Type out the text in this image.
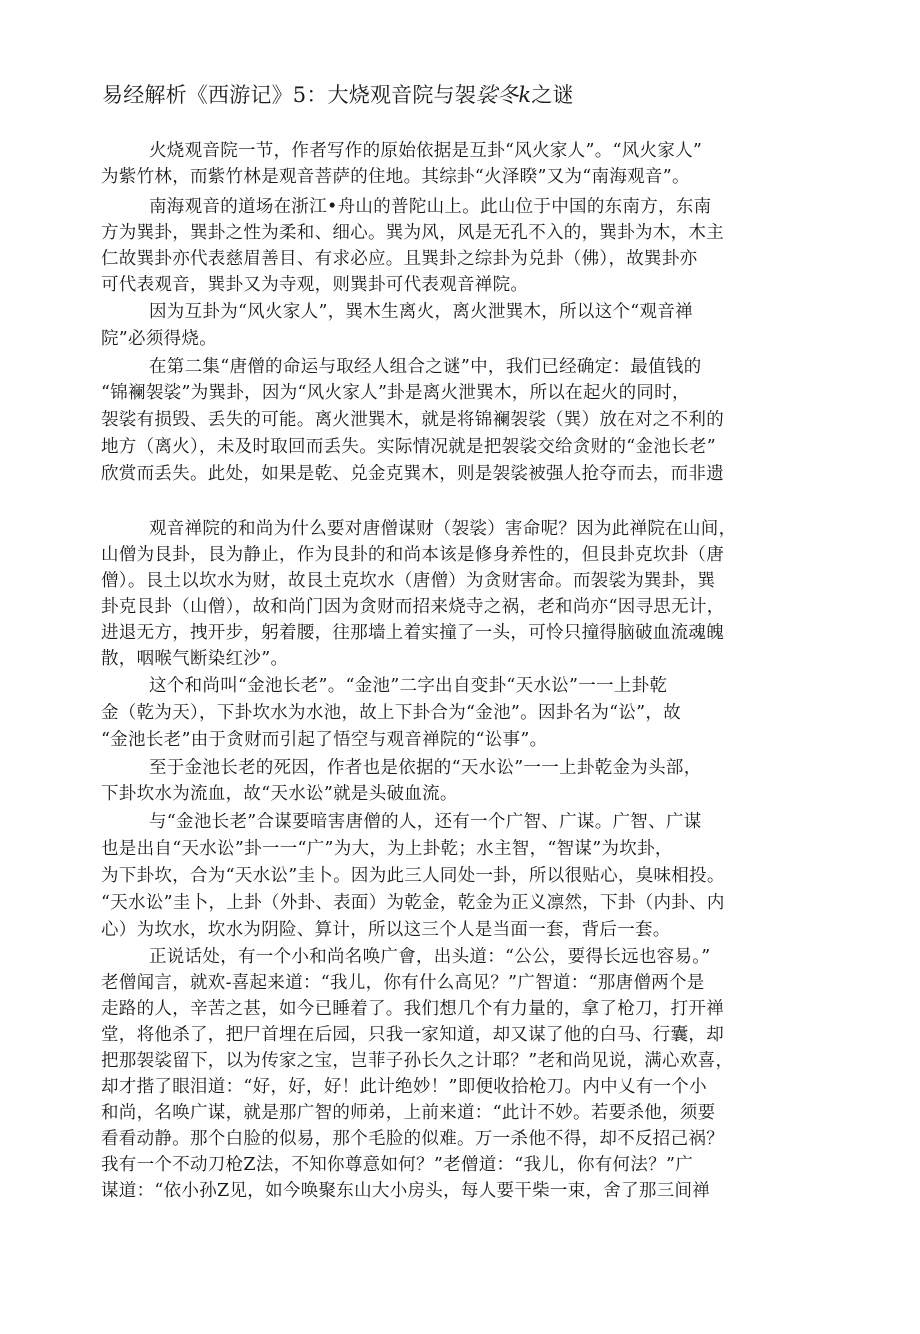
易经解析《西游记》5：大烧观音院与袈裟冬k之谜
火烧观音院一节，作者写作的原始依据是互卦“风火家人”。“风火家人”
为紫竹林，而紫竹林是观音菩萨的住地。其综卦“火泽睽”又为“南海观音”。
南海观音的道场在浙江•舟山的普陀山上。此山位于中国的东南方，东南
方为巽卦，巽卦之性为柔和、细心。巽为风，风是无孔不入的，巽卦为木，木主
仁故巽卦亦代表慈眉善目、有求必应。且巽卦之综卦为兑卦（佛），故巽卦亦
可代表观音，巽卦又为寺观，则巽卦可代表观音禅院。
因为互卦为“风火家人”，巽木生离火，离火泄巽木，所以这个“观音禅
院”必须得烧。
在第二集“唐僧的命运与取经人组合之谜”中，我们已经确定：最值钱的
“锦襕袈裟”为巽卦，因为“风火家人”卦是离火泄巽木，所以在起火的同时，
袈裟有损毁、丢失的可能。离火泄巽木，就是将锦襕袈裟（巽）放在对之不利的
地方（离火），未及时取回而丢失。实际情况就是把袈裟交给贪财的“金池长老”
欣赏而丢失。此处，如果是乾、兑金克巽木，则是袈裟被强人抢夺而去，而非遗
观音禅院的和尚为什么要对唐僧谋财（袈裟）害命呢？因为此禅院在山间，
山僧为艮卦，艮为静止，作为艮卦的和尚本该是修身养性的，但艮卦克坎卦（唐
僧）。艮土以坎水为财，故艮土克坎水（唐僧）为贪财害命。而袈裟为巽卦，巽
卦克艮卦（山僧），故和尚门因为贪财而招来烧寺之祸，老和尚亦“因寻思无计，
进退无方，拽开步，躬着腰，往那墙上着实撞了一头，可怜只撞得脑破血流魂魄
散，咽喉气断染红沙”。
这个和尚叫“金池长老”。“金池”二字出自变卦“天水讼”一一上卦乾
金（乾为天），下卦坎水为水池，故上下卦合为“金池”。因卦名为“讼”，故
“金池长老”由于贪财而引起了悟空与观音禅院的“讼事”。
至于金池长老的死因，作者也是依据的“天水讼”一一上卦乾金为头部，
下卦坎水为流血，故“天水讼”就是头破血流。
与“金池长老”合谋要暗害唐僧的人，还有一个广智、广谋。广智、广谋
也是出自“天水讼”卦一一“广”为大，为上卦乾；水主智，“智谋”为坎卦，
为下卦坎，合为“天水讼”圭卜。因为此三人同处一卦，所以很贴心，臭味相投。
“天水讼”圭卜，上卦（外卦、表面）为乾金，乾金为正义凛然，下卦（内卦、内
心）为坎水，坎水为阴险、算计，所以这三个人是当面一套，背后一套。
正说话处，有一个小和尚名唤广會，出头道：“公公，要得长远也容易。”
老僧闻言，就欢-喜起来道：“我儿，你有什么高见？”广智道：“那唐僧两个是
走路的人，辛苦之甚，如今已睡着了。我们想几个有力量的，拿了枪刀，打开禅
堂，将他杀了，把尸首埋在后园，只我一家知道，却又谋了他的白马、行囊，却
把那袈裟留下，以为传家之宝，岂菲子孙长久之计耶？”老和尚见说，满心欢喜，
却才揩了眼泪道：“好，好，好！此计绝妙！”即便收拾枪刀。内中乂有一个小
和尚，名唤广谋，就是那广智的师弟，上前来道：“此计不妙。若要杀他，须要
看看动静。那个白脸的似易，那个毛脸的似难。万一杀他不得，却不反招己祸？
我有一个不动刀枪Z法，不知你尊意如何？”老僧道：“我儿，你有何法？”广
谋道：“依小孙Z见，如今唤聚东山大小房头，每人要干柴一束，舍了那三间禅
